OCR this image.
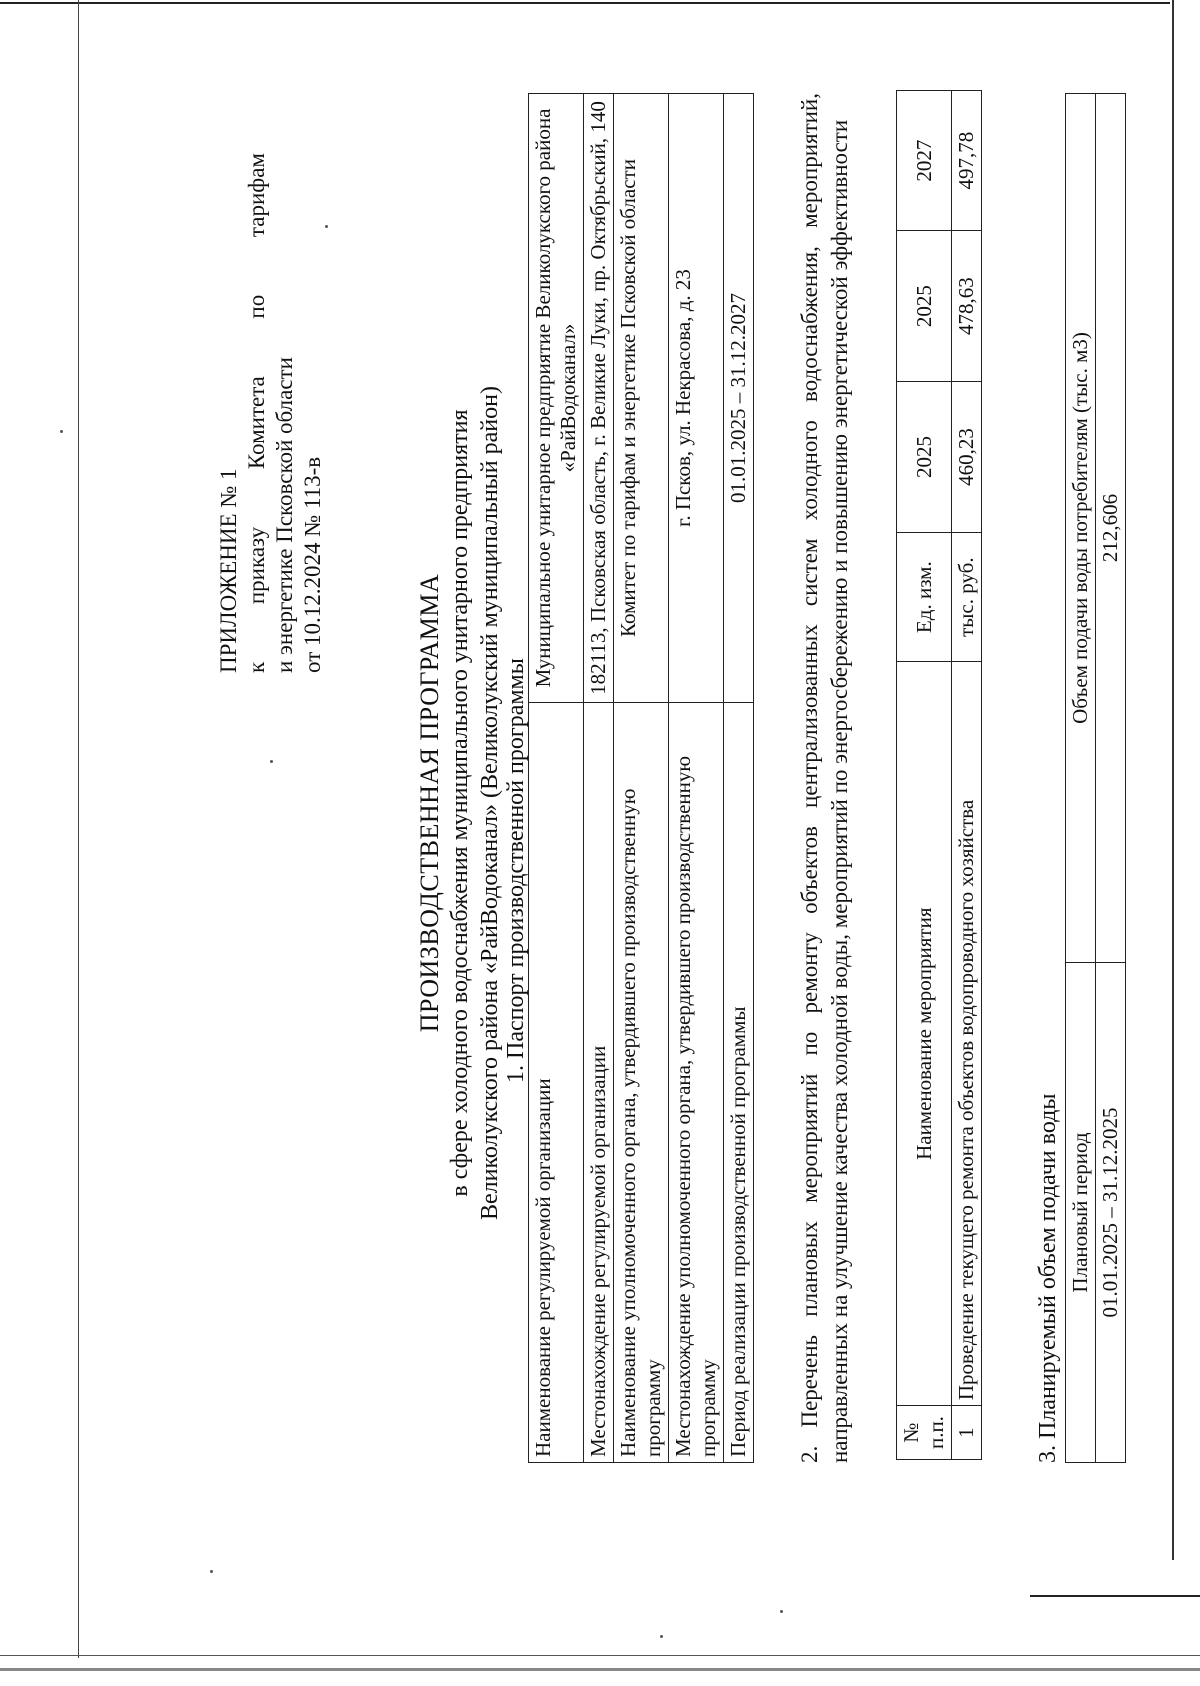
ПРИЛОЖЕНИЕ № 1 к
приказу
Комитета
по
тарифам
и энергетике Псковской области от 10.12.2024 № 113-в
ПРОИЗВОДСТВЕННАЯ ПРОГРАММА в сфере холодного водоснабжения муниципального унитарного предприятия Великолукского района «РайВодоканал» (Великолукский муниципальный район) 1. Паспорт производственной программы
Наименование регулируемой организации	Муниципальное унитарное предприятие Великолукского района «РайВодоканал»
Местонахождение регулируемой организации	182113, Псковская область, г. Великие Луки, пр. Октябрьский, 140
Наименование уполномоченного органа, утвердившего производственную программу	Комитет по тарифам и энергетике Псковской области
Местонахождение уполномоченного органа, утвердившего производственную программу	г. Псков, ул. Некрасова, д. 23
Период реализации производственной программы	01.01.2025 – 31.12.2027 2. Перечень плановых мероприятий по ремонту объектов централизованных систем холодного водоснабжения, мероприятий, направленных на улучшение качества холодной воды, мероприятий по энергосбережению и повышению энергетической эффективности № п.п.	Наименование мероприятия	Ед. изм.	2025	2025	2027
1	Проведение текущего ремонта объектов водопроводного хозяйства	тыс. руб.	460,23	478,63	497,78
3. Планируемый объем подачи воды Плановый период	Объем подачи воды потребителям (тыс. м3)
01.01.2025 – 31.12.2025	212,606
